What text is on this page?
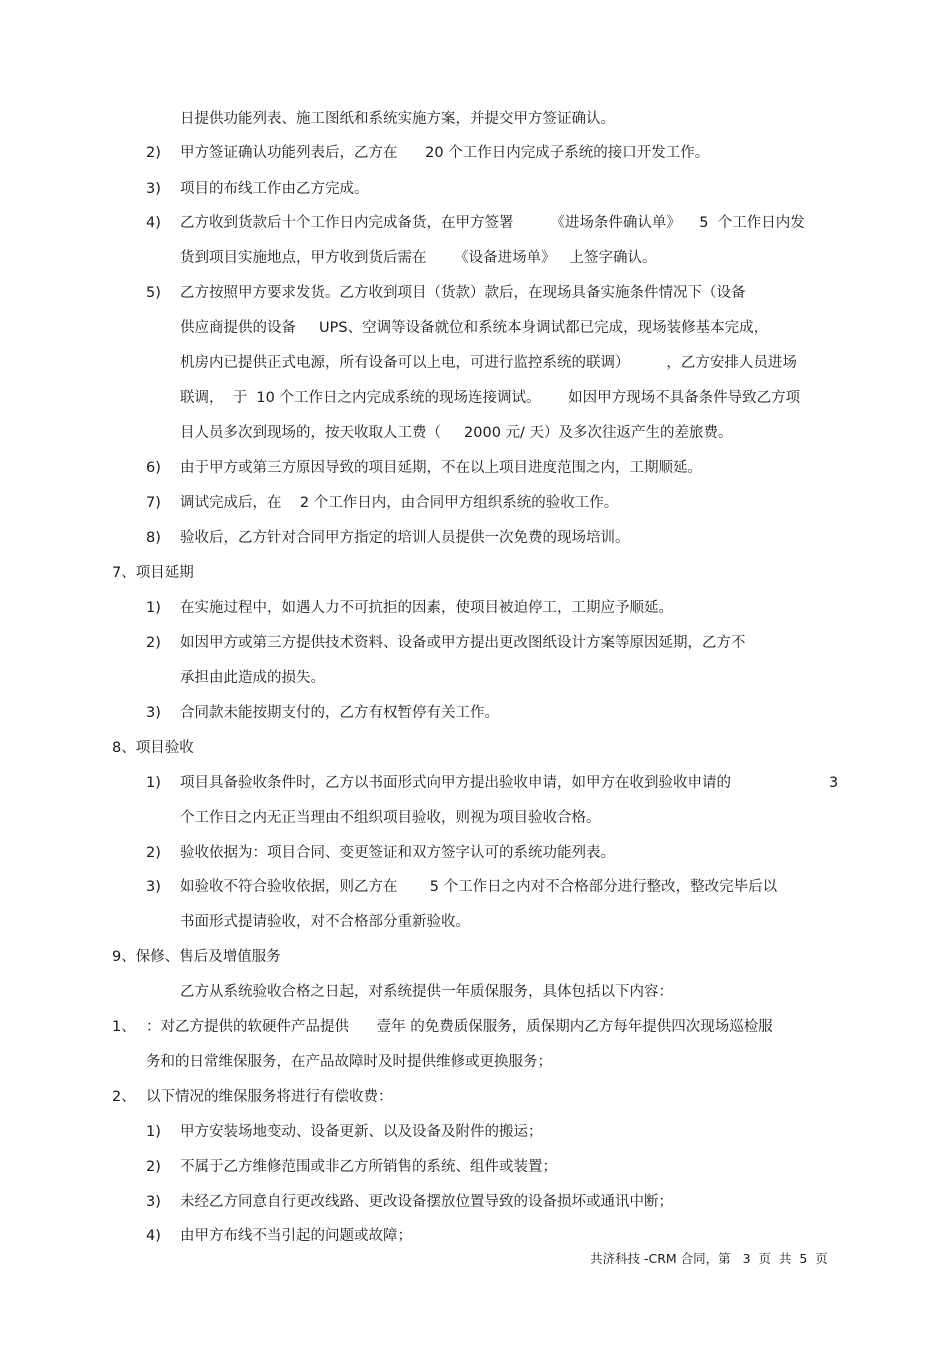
日提供功能列表、施工图纸和系统实施方案，并提交甲方签证确认。
2) 甲方签证确认功能列表后，乙方在      20 个工作日内完成子系统的接口开发工作。
3) 项目的布线工作由乙方完成。
4) 乙方收到货款后十个工作日内完成备货，在甲方签署        《进场条件确认单》    5  个工作日内发
货到项目实施地点，甲方收到货后需在      《设备进场单》   上签字确认。
5) 乙方按照甲方要求发货。乙方收到项目（货款）款后，在现场具备实施条件情况下（设备
供应商提供的设备     UPS、空调等设备就位和系统本身调试都已完成，现场装修基本完成，
机房内已提供正式电源，所有设备可以上电，可进行监控系统的联调）        ，乙方安排人员进场
联调，  于  10 个工作日之内完成系统的现场连接调试。      如因甲方现场不具备条件导致乙方项
目人员多次到现场的，按天收取人工费（     2000 元/ 天）及多次往返产生的差旅费。
6) 由于甲方或第三方原因导致的项目延期，不在以上项目进度范围之内，工期顺延。
7) 调试完成后，在    2 个工作日内，由合同甲方组织系统的验收工作。
8) 验收后，乙方针对合同甲方指定的培训人员提供一次免费的现场培训。
7、项目延期
1) 在实施过程中，如遇人力不可抗拒的因素，使项目被迫停工，工期应予顺延。
2) 如因甲方或第三方提供技术资料、设备或甲方提出更改图纸设计方案等原因延期，乙方不
承担由此造成的损失。
3) 合同款未能按期支付的，乙方有权暂停有关工作。
8、项目验收
1) 项目具备验收条件时，乙方以书面形式向甲方提出验收申请，如甲方在收到验收申请的	3
个工作日之内无正当理由不组织项目验收，则视为项目验收合格。
2) 验收依据为：项目合同、变更签证和双方签字认可的系统功能列表。
3) 如验收不符合验收依据，则乙方在       5 个工作日之内对不合格部分进行整改，整改完毕后以
书面形式提请验收，对不合格部分重新验收。
9、保修、售后及增值服务
乙方从系统验收合格之日起，对系统提供一年质保服务，具体包括以下内容：
1、 ：对乙方提供的软硬件产品提供      壹年 的免费质保服务，质保期内乙方每年提供四次现场巡检服
务和的日常维保服务，在产品故障时及时提供维修或更换服务；
2、 以下情况的维保服务将进行有偿收费：
1) 甲方安装场地变动、设备更新、以及设备及附件的搬运；
2) 不属于乙方维修范围或非乙方所销售的系统、组件或装置；
3) 未经乙方同意自行更改线路、更改设备摆放位置导致的设备损坏或通讯中断；
4) 由甲方布线不当引起的问题或故障；
共济科技 -CRM 合同，第   3  页  共  5  页
